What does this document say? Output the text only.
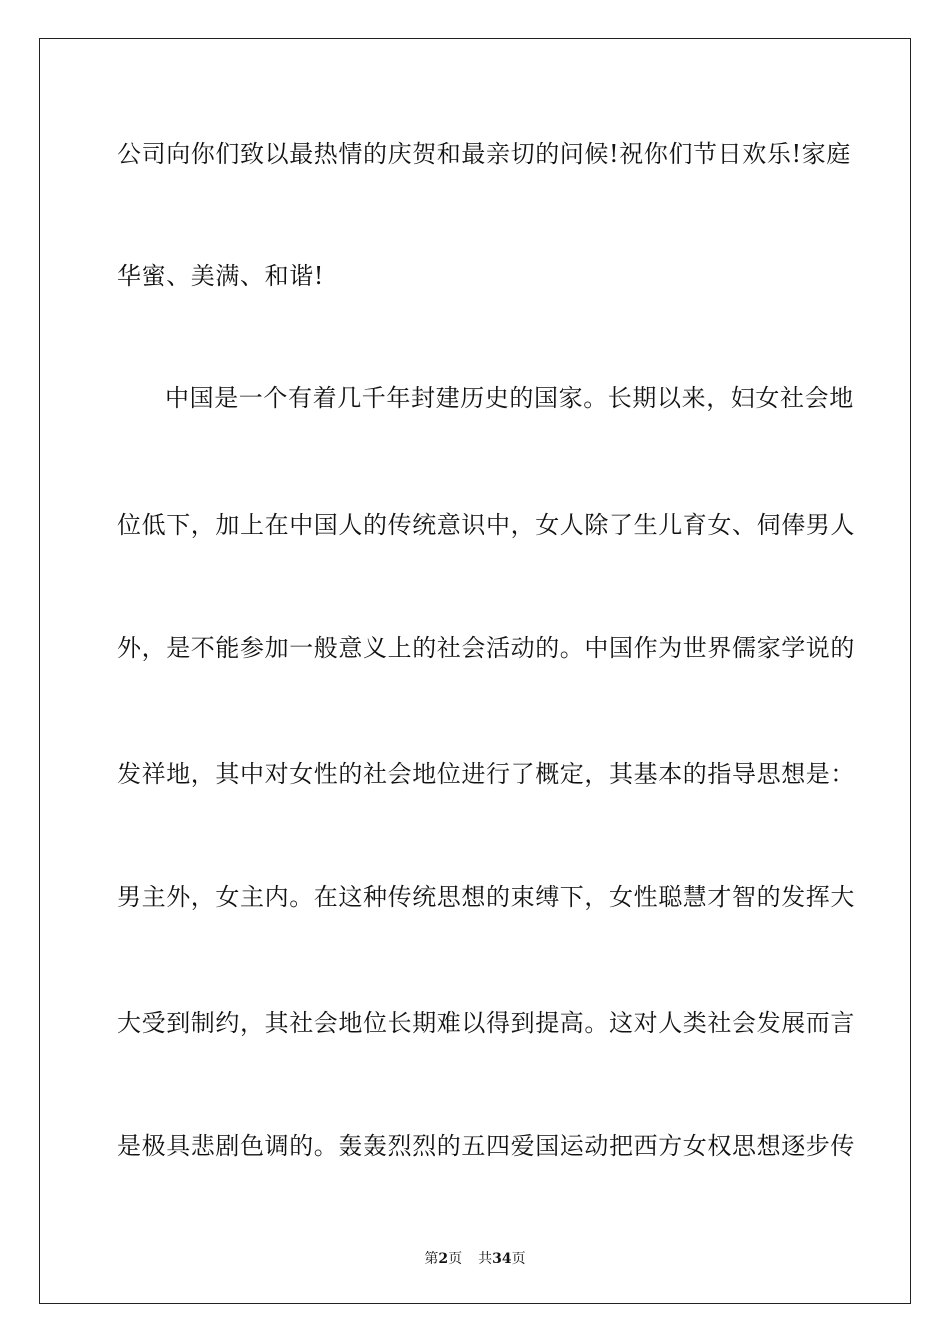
公司向你们致以最热情的庆贺和最亲切的问候!祝你们节日欢乐!家庭
华蜜、美满、和谐!
中国是一个有着几千年封建历史的国家。长期以来，妇女社会地
位低下，加上在中国人的传统意识中，女人除了生儿育女、伺俸男人
外，是不能参加一般意义上的社会活动的。中国作为世界儒家学说的
发祥地，其中对女性的社会地位进行了概定，其基本的指导思想是：
男主外，女主内。在这种传统思想的束缚下，女性聪慧才智的发挥大
大受到制约，其社会地位长期难以得到提高。这对人类社会发展而言
是极具悲剧色调的。轰轰烈烈的五四爱国运动把西方女权思想逐步传
第2页 共34页
